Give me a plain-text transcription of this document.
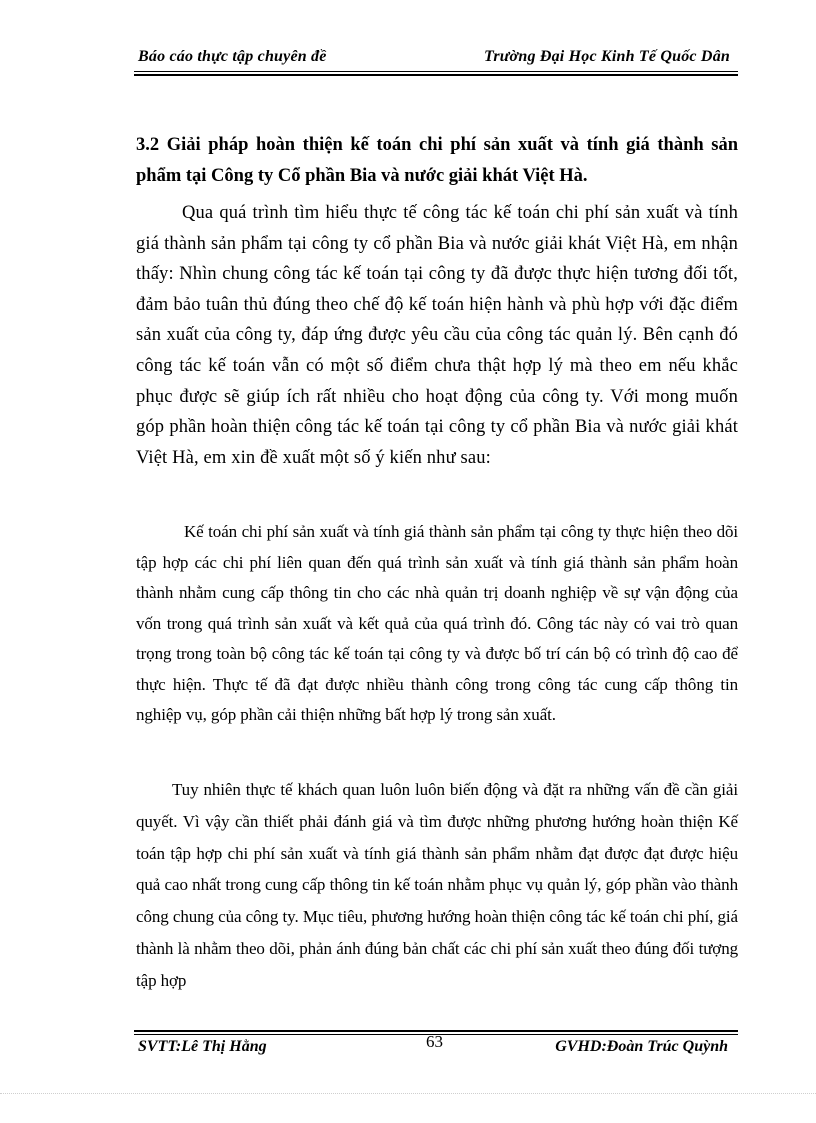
Báo cáo thực tập chuyên đề	Trường Đại Học Kinh Tế Quốc Dân
3.2 Giải pháp hoàn thiện kế toán chi phí sản xuất và tính giá thành sản phẩm tại Công ty Cổ phần Bia và nước giải khát Việt Hà.
Qua quá trình tìm hiểu thực tế công tác kế toán chi phí sản xuất và tính giá thành sản phẩm tại công ty cổ phần Bia và nước giải khát Việt Hà, em nhận thấy: Nhìn chung công tác kế toán tại công ty đã được thực hiện tương đối tốt, đảm bảo tuân thủ đúng theo chế độ kế toán hiện hành và phù hợp với đặc điểm sản xuất của công ty, đáp ứng được yêu cầu của công tác quản lý. Bên cạnh đó công tác kế toán vẫn có một số điểm chưa thật hợp lý mà theo em nếu khắc phục được sẽ giúp ích rất nhiều cho hoạt động của công ty. Với mong muốn góp phần hoàn thiện công tác kế toán tại công ty cổ phần Bia và nước giải khát Việt Hà, em xin đề xuất một số ý kiến như sau:
Kế toán chi phí sản xuất và tính giá thành sản phẩm tại công ty thực hiện theo dõi tập hợp các chi phí liên quan đến quá trình sản xuất và tính giá thành sản phẩm hoàn thành nhằm cung cấp thông tin cho các nhà quản trị doanh nghiệp về sự vận động của vốn trong quá trình sản xuất và kết quả của quá trình đó. Công tác này có vai trò quan trọng trong toàn bộ công tác kế toán tại công ty và được bố trí cán bộ có trình độ cao để thực hiện. Thực tế đã đạt được nhiều thành công trong công tác cung cấp thông tin nghiệp vụ, góp phần cải thiện những bất hợp lý trong sản xuất.
Tuy nhiên thực tế khách quan luôn luôn biến động và đặt ra những vấn đề cần giải quyết. Vì vậy cần thiết phải đánh giá và tìm được những phương hướng hoàn thiện Kế toán tập hợp chi phí sản xuất và tính giá thành sản phẩm nhằm đạt được đạt được hiệu quả cao nhất trong cung cấp thông tin kế toán nhằm phục vụ quản lý, góp phần vào thành công chung của công ty. Mục tiêu, phương hướng hoàn thiện công tác kế toán chi phí, giá thành là nhằm theo dõi, phản ánh đúng bản chất các chi phí sản xuất theo đúng đối tượng tập hợp
SVTT:Lê Thị Hằng	63	GVHD:Đoàn Trúc Quỳnh
